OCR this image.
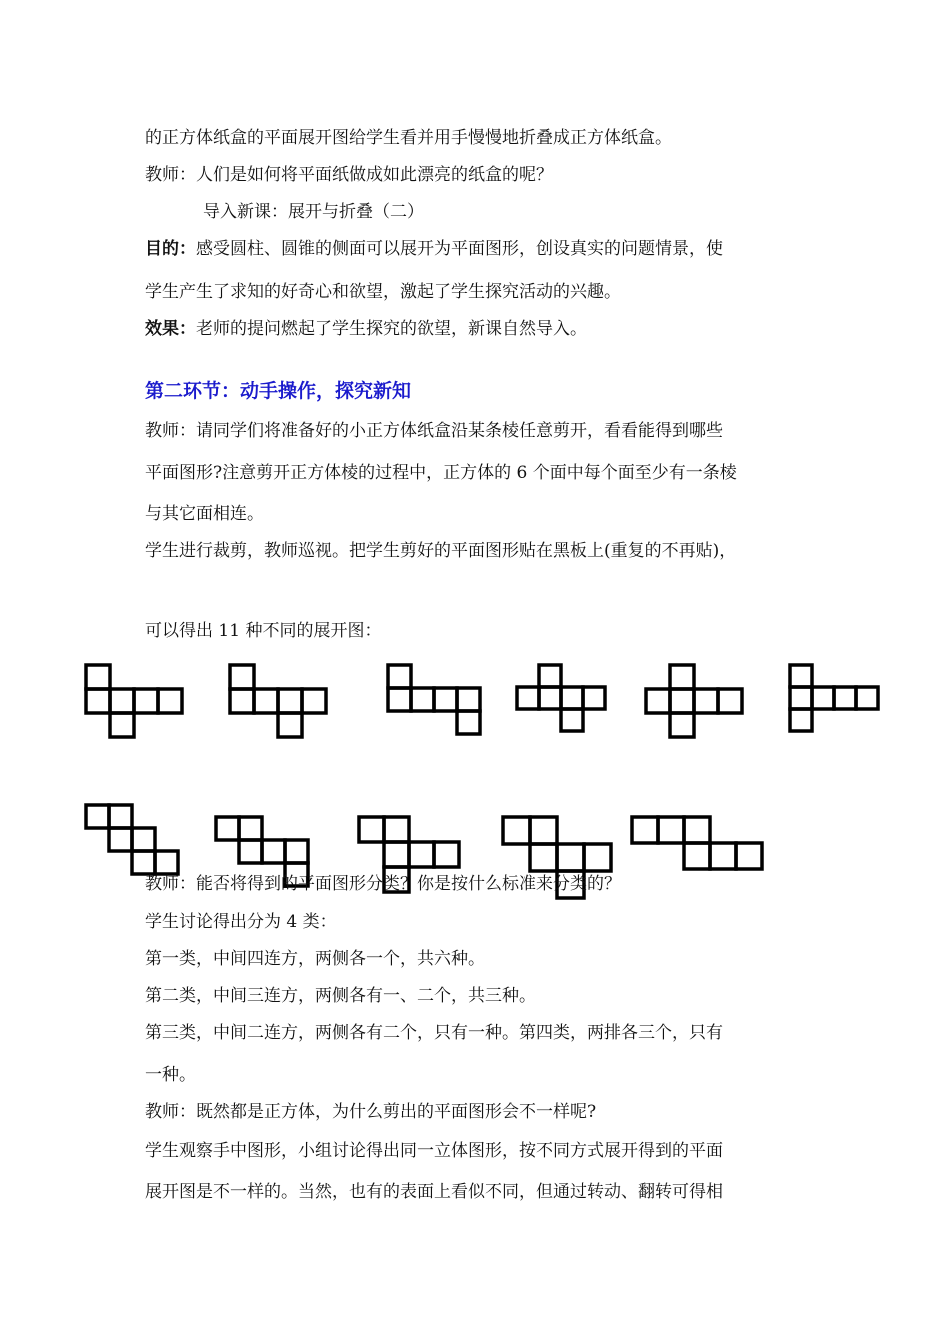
的正方体纸盒的平面展开图给学生看并用手慢慢地折叠成正方体纸盒。
教师：人们是如何将平面纸做成如此漂亮的纸盒的呢？
导入新课：展开与折叠（二）
目的：感受圆柱、圆锥的侧面可以展开为平面图形，创设真实的问题情景，使
学生产生了求知的好奇心和欲望，激起了学生探究活动的兴趣。
效果：老师的提问燃起了学生探究的欲望，新课自然导入。
第二环节：动手操作，探究新知
教师：请同学们将准备好的小正方体纸盒沿某条棱任意剪开，看看能得到哪些
平面图形?注意剪开正方体棱的过程中，正方体的 6 个面中每个面至少有一条棱
与其它面相连。
学生进行裁剪，教师巡视。把学生剪好的平面图形贴在黑板上(重复的不再贴)，
可以得出 11 种不同的展开图：
教师：能否将得到的平面图形分类？你是按什么标准来分类的？
学生讨论得出分为 4 类：
第一类，中间四连方，两侧各一个，共六种。
第二类，中间三连方，两侧各有一、二个，共三种。
第三类，中间二连方，两侧各有二个，只有一种。第四类，两排各三个，只有
一种。
教师：既然都是正方体，为什么剪出的平面图形会不一样呢?
学生观察手中图形，小组讨论得出同一立体图形，按不同方式展开得到的平面
展开图是不一样的。当然，也有的表面上看似不同，但通过转动、翻转可得相
